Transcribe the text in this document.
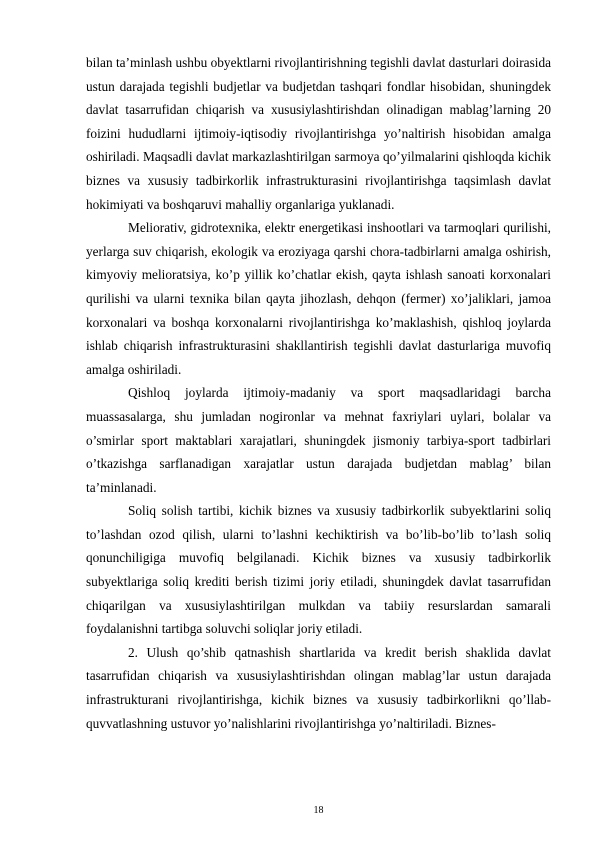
bilan ta’minlash ushbu obyektlarni rivojlantirishning tegishli davlat dasturlari doirasida ustun darajada tegishli budjetlar va budjetdan tashqari fondlar hisobidan, shuningdek davlat tasarrufidan chiqarish va xususiylashtirishdan olinadigan mablag’larning 20 foizini hududlarni ijtimoiy-iqtisodiy rivojlantirishga yo’naltirish hisobidan amalga oshiriladi. Maqsadli davlat markazlashtirilgan sarmoya qo’yilmalarini qishloqda kichik biznes va xususiy tadbirkorlik infrastrukturasini rivojlantirishga taqsimlash davlat hokimiyati va boshqaruvi mahalliy organlariga yuklanadi.

Meliorativ, gidrotexnika, elektr energetikasi inshootlari va tarmoqlari qurilishi, yerlarga suv chiqarish, ekologik va eroziyaga qarshi chora-tadbirlarni amalga oshirish, kimyoviy melioratsiya, ko’p yillik ko’chatlar ekish, qayta ishlash sanoati korxonalari qurilishi va ularni texnika bilan qayta jihozlash, dehqon (fermer) xo’jaliklari, jamoa korxonalari va boshqa korxonalarni rivojlantirishga ko’maklashish, qishloq joylarda ishlab chiqarish infrastrukturasini shakllantirish tegishli davlat dasturlariga muvofiq amalga oshiriladi.

Qishloq joylarda ijtimoiy-madaniy va sport maqsadlaridagi barcha muassasalarga, shu jumladan nogironlar va mehnat faxriylari uylari, bolalar va o’smirlar sport maktablari xarajatlari, shuningdek jismoniy tarbiya-sport tadbirlari o’tkazishga sarflanadigan xarajatlar ustun darajada budjetdan mablag’ bilan ta’minlanadi.

Soliq solish tartibi, kichik biznes va xususiy tadbirkorlik subyektlarini soliq to’lashdan ozod qilish, ularni to’lashni kechiktirish va bo’lib-bo’lib to’lash soliq qonunchiligiga muvofiq belgilanadi. Kichik biznes va xususiy tadbirkorlik subyektlariga soliq krediti berish tizimi joriy etiladi, shuningdek davlat tasarrufidan chiqarilgan va xususiylashtirilgan mulkdan va tabiiy resurslardan samarali foydalanishni tartibga soluvchi soliqlar joriy etiladi.

2. Ulush qo’shib qatnashish shartlarida va kredit berish shaklida davlat tasarrufidan chiqarish va xususiylashtirishdan olingan mablag’lar ustun darajada infrastrukturani rivojlantirishga, kichik biznes va xususiy tadbirkorlikni qo’llab-quvvatlashning ustuvor yo’nalishlarini rivojlantirishga yo’naltiriladi. Biznes-

18
